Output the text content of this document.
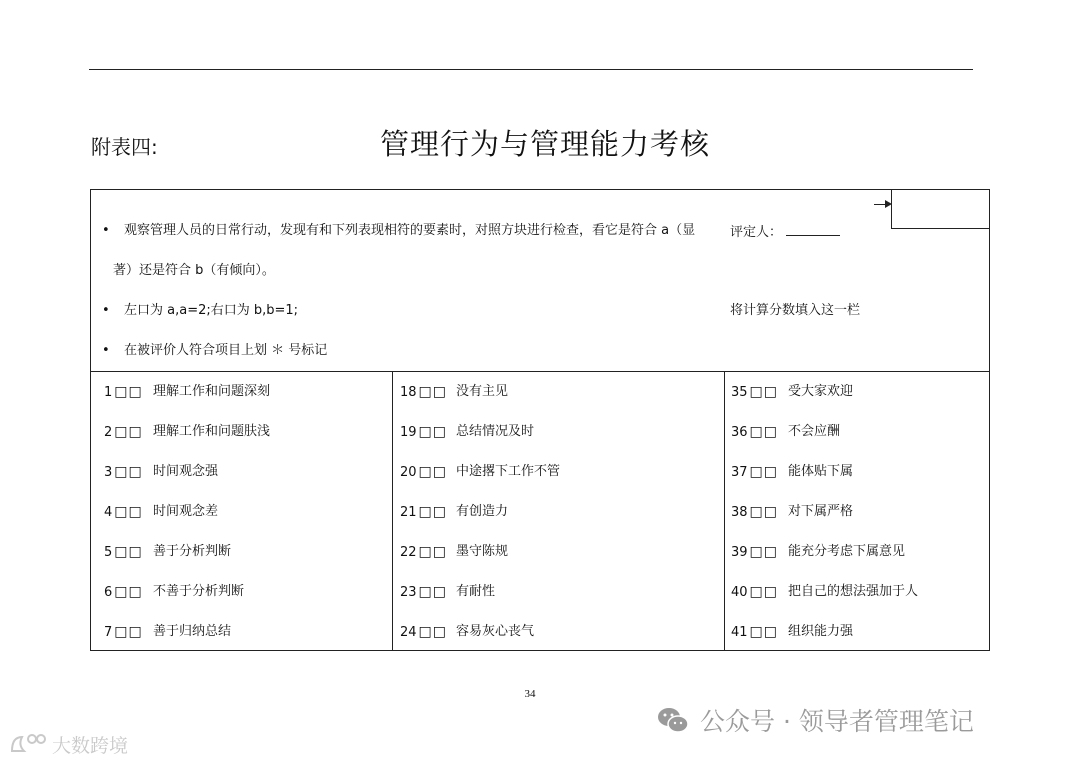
附表四:	管理行为与管理能力考核
• 观察管理人员的日常行动，发现有和下列表现相符的要素时，对照方块进行检查，看它是符合 a（显
著）还是符合 b（有倾向）。
• 左口为 a,a=2;右口为 b,b=1;
• 在被评价人符合项目上划 ＊ 号标记
评定人：
将计算分数填入这一栏
1 □□ 理解工作和问题深刻
2 □□ 理解工作和问题肤浅
3 □□ 时间观念强
4 □□ 时间观念差
5 □□ 善于分析判断
6 □□ 不善于分析判断
7 □□ 善于归纳总结
18 □□ 没有主见
19 □□ 总结情况及时
20 □□ 中途撂下工作不管
21 □□ 有创造力
22 □□ 墨守陈规
23 □□ 有耐性
24 □□ 容易灰心丧气
35 □□ 受大家欢迎
36 □□ 不会应酬
37 □□ 能体贴下属
38 □□ 对下属严格
39 □□ 能充分考虑下属意见
40 □□ 把自己的想法强加于人
41 □□ 组织能力强
34
公众号 · 领导者管理笔记
大数跨境
